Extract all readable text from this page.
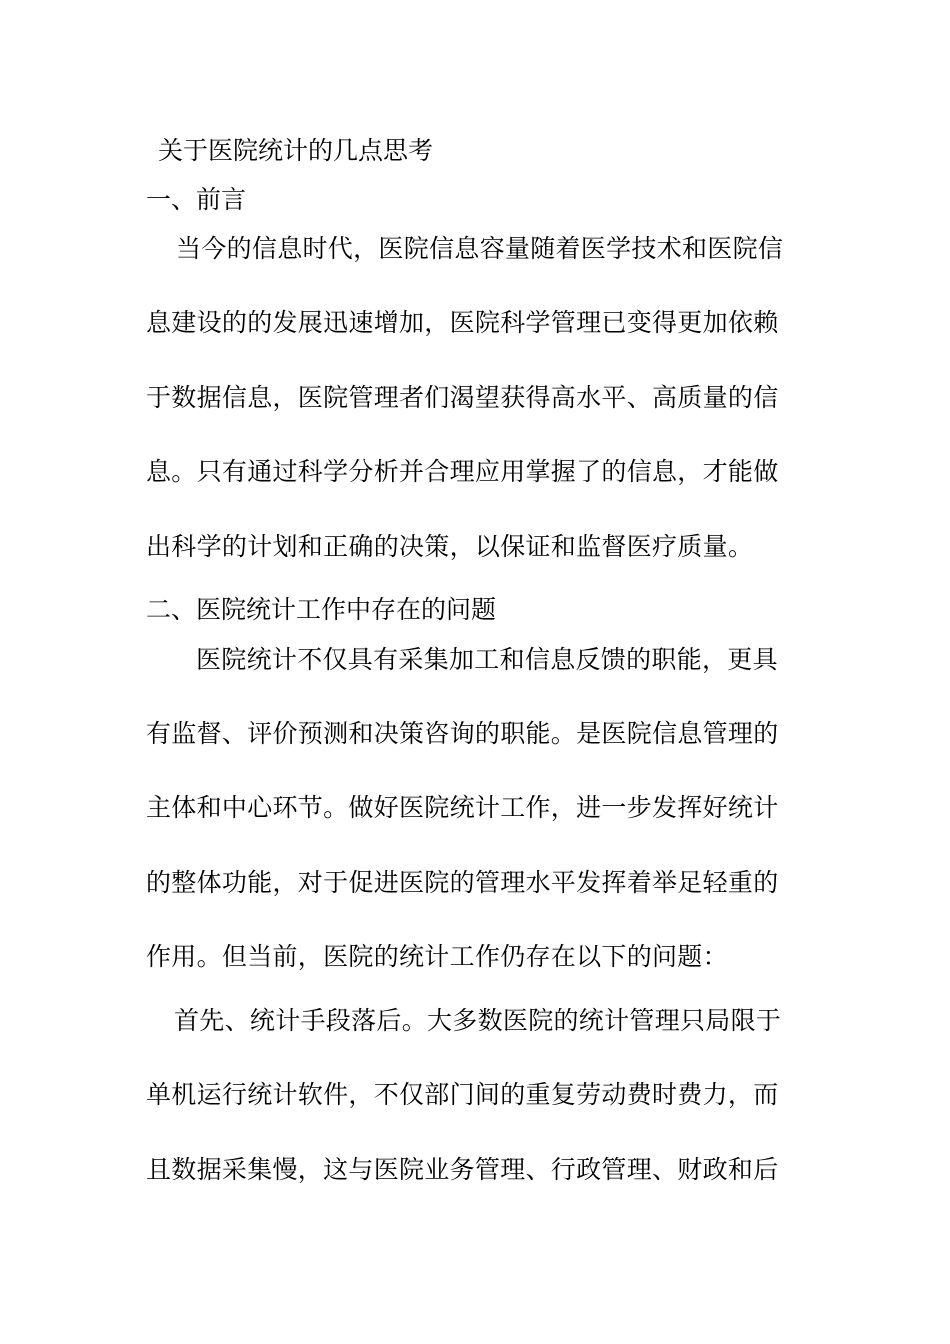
关于医院统计的几点思考
一、前言
当今的信息时代，医院信息容量随着医学技术和医院信
息建设的的发展迅速增加，医院科学管理已变得更加依赖
于数据信息，医院管理者们渴望获得高水平、高质量的信
息。只有通过科学分析并合理应用掌握了的信息，才能做
出科学的计划和正确的决策，以保证和监督医疗质量。
二、医院统计工作中存在的问题
医院统计不仅具有采集加工和信息反馈的职能，更具
有监督、评价预测和决策咨询的职能。是医院信息管理的
主体和中心环节。做好医院统计工作，进一步发挥好统计
的整体功能，对于促进医院的管理水平发挥着举足轻重的
作用。但当前，医院的统计工作仍存在以下的问题：
首先、统计手段落后。大多数医院的统计管理只局限于
单机运行统计软件，不仅部门间的重复劳动费时费力，而
且数据采集慢，这与医院业务管理、行政管理、财政和后
